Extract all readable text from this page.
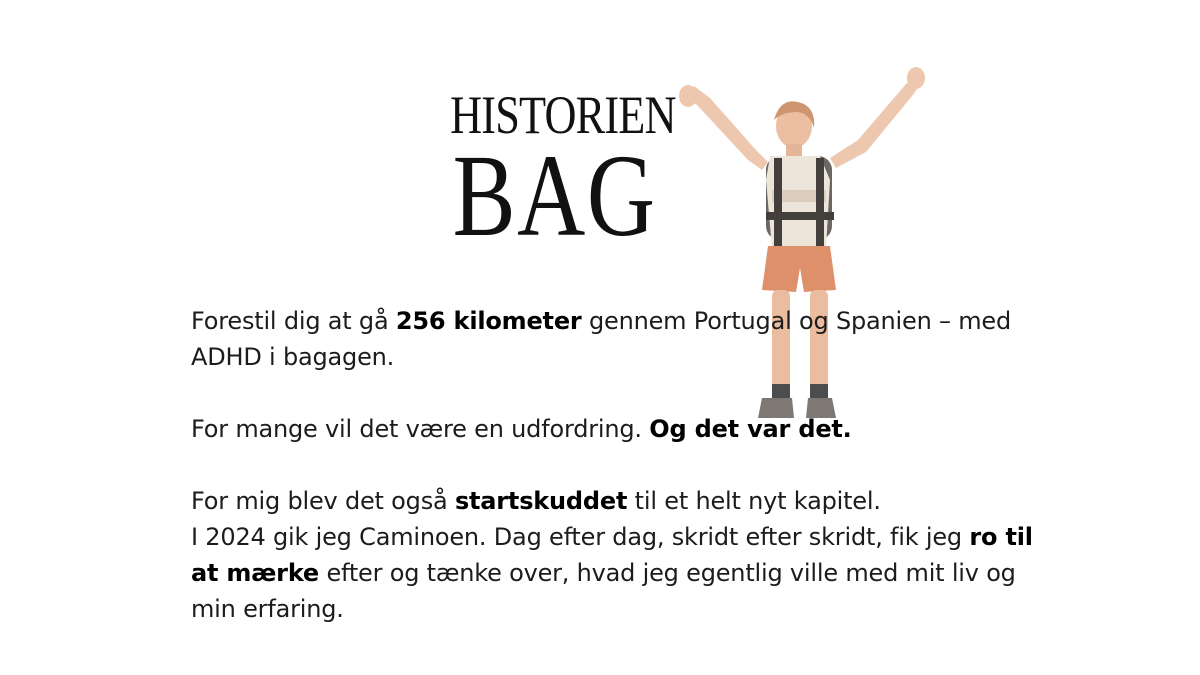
HISTORIEN
BAG

Forestil dig at gå 256 kilometer gennem Portugal og Spanien – med ADHD i bagagen.

For mange vil det være en udfordring. Og det var det.

For mig blev det også startskuddet til et helt nyt kapitel.
I 2024 gik jeg Caminoen. Dag efter dag, skridt efter skridt, fik jeg ro til at mærke efter og tænke over, hvad jeg egentlig ville med mit liv og min erfaring.
